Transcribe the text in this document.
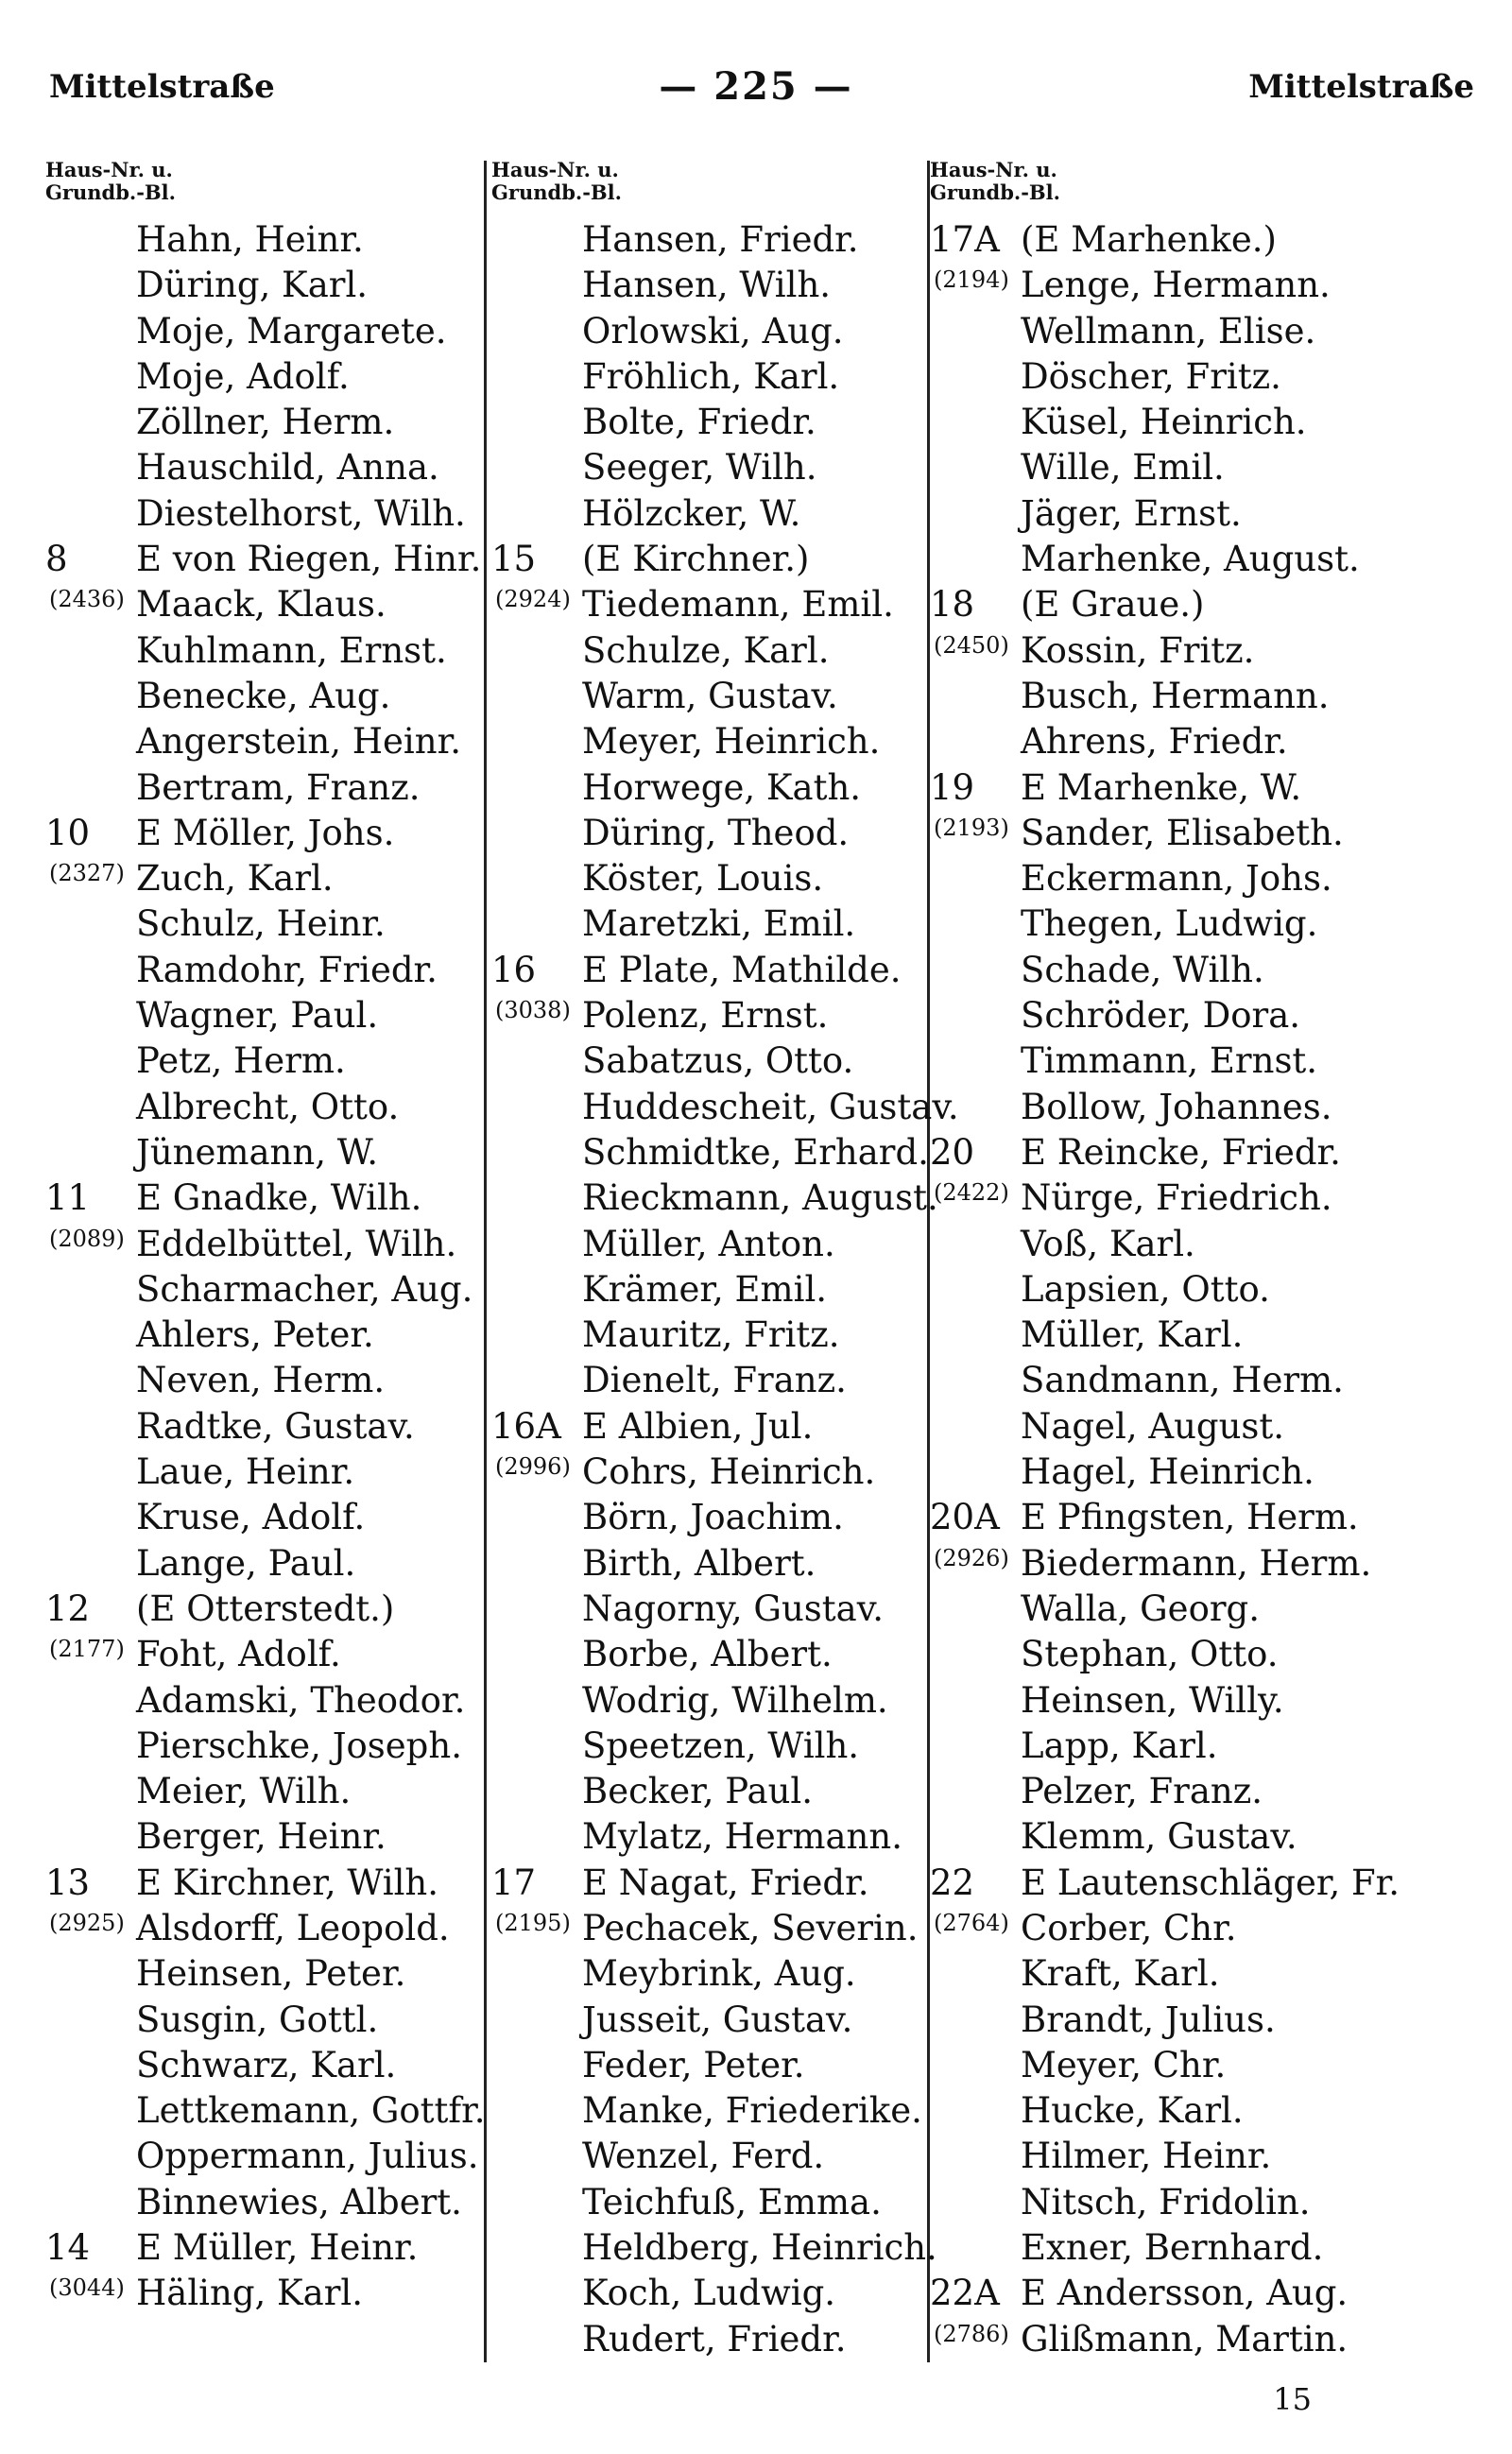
Mittelstraße	— 225 —	Mittelstraße
Haus-Nr. u.
Grundb.-Bl.
Hahn, Heinr.
Düring, Karl.
Moje, Margarete.
Moje, Adolf.
Zöllner, Herm.
Hauschild, Anna.
Diestelhorst, Wilh.
8 E von Riegen, Hinr.
(2436) Maack, Klaus.
Kuhlmann, Ernst.
Benecke, Aug.
Angerstein, Heinr.
Bertram, Franz.
10 E Möller, Johs.
(2327) Zuch, Karl.
Schulz, Heinr.
Ramdohr, Friedr.
Wagner, Paul.
Petz, Herm.
Albrecht, Otto.
Jünemann, W.
11 E Gnadke, Wilh.
(2089) Eddelbüttel, Wilh.
Scharmacher, Aug.
Ahlers, Peter.
Neven, Herm.
Radtke, Gustav.
Laue, Heinr.
Kruse, Adolf.
Lange, Paul.
12 (E Otterstedt.)
(2177) Foht, Adolf.
Adamski, Theodor.
Pierschke, Joseph.
Meier, Wilh.
Berger, Heinr.
13 E Kirchner, Wilh.
(2925) Alsdorff, Leopold.
Heinsen, Peter.
Susgin, Gottl.
Schwarz, Karl.
Lettkemann, Gottfr.
Oppermann, Julius.
Binnewies, Albert.
14 E Müller, Heinr.
(3044) Häling, Karl.
Haus-Nr. u.
Grundb.-Bl.
Hansen, Friedr.
Hansen, Wilh.
Orlowski, Aug.
Fröhlich, Karl.
Bolte, Friedr.
Seeger, Wilh.
Hölzcker, W.
15 (E Kirchner.)
(2924) Tiedemann, Emil.
Schulze, Karl.
Warm, Gustav.
Meyer, Heinrich.
Horwege, Kath.
Düring, Theod.
Köster, Louis.
Maretzki, Emil.
16 E Plate, Mathilde.
(3038) Polenz, Ernst.
Sabatzus, Otto.
Huddescheit, Gustav.
Schmidtke, Erhard.
Rieckmann, August.
Müller, Anton.
Krämer, Emil.
Mauritz, Fritz.
Dienelt, Franz.
16A E Albien, Jul.
(2996) Cohrs, Heinrich.
Börn, Joachim.
Birth, Albert.
Nagorny, Gustav.
Borbe, Albert.
Wodrig, Wilhelm.
Speetzen, Wilh.
Becker, Paul.
Mylatz, Hermann.
17 E Nagat, Friedr.
(2195) Pechacek, Severin.
Meybrink, Aug.
Jusseit, Gustav.
Feder, Peter.
Manke, Friederike.
Wenzel, Ferd.
Teichfuß, Emma.
Heldberg, Heinrich.
Koch, Ludwig.
Rudert, Friedr.
Haus-Nr. u.
Grundb.-Bl.
17A (E Marhenke.)
(2194) Lenge, Hermann.
Wellmann, Elise.
Döscher, Fritz.
Küsel, Heinrich.
Wille, Emil.
Jäger, Ernst.
Marhenke, August.
18 (E Graue.)
(2450) Kossin, Fritz.
Busch, Hermann.
Ahrens, Friedr.
19 E Marhenke, W.
(2193) Sander, Elisabeth.
Eckermann, Johs.
Thegen, Ludwig.
Schade, Wilh.
Schröder, Dora.
Timmann, Ernst.
Bollow, Johannes.
20 E Reincke, Friedr.
(2422) Nürge, Friedrich.
Voß, Karl.
Lapsien, Otto.
Müller, Karl.
Sandmann, Herm.
Nagel, August.
Hagel, Heinrich.
20A E Pfingsten, Herm.
(2926) Biedermann, Herm.
Walla, Georg.
Stephan, Otto.
Heinsen, Willy.
Lapp, Karl.
Pelzer, Franz.
Klemm, Gustav.
22 E Lautenschläger, Fr.
(2764) Corber, Chr.
Kraft, Karl.
Brandt, Julius.
Meyer, Chr.
Hucke, Karl.
Hilmer, Heinr.
Nitsch, Fridolin.
Exner, Bernhard.
22A E Andersson, Aug.
(2786) Glißmann, Martin.
15
